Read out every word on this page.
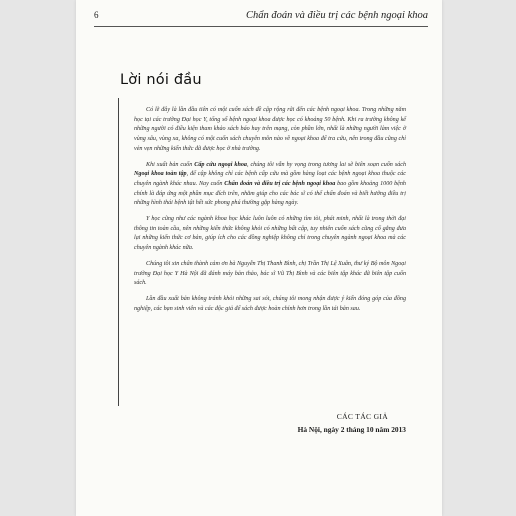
6	Chẩn đoán và điều trị các bệnh ngoại khoa
Lời nói đầu

Có lẽ đây là lần đầu tiên có một cuốn sách đề cập rộng rãi đến các bệnh ngoại khoa. Trong những năm học tại các trường Đại học Y, tổng số bệnh ngoại khoa được học có khoảng 50 bệnh. Khi ra trường không kể những người có điều kiện tham khảo sách báo hay trên mạng, còn phần lớn, nhất là những người làm việc ở vùng sâu, vùng xa, không có một cuốn sách chuyên môn nào về ngoại khoa để tra cứu, nên trong đầu cũng chỉ vẻn vẹn những kiến thức đã được học ở nhà trường.

Khi xuất bản cuốn Cấp cứu ngoại khoa, chúng tôi vẫn hy vọng trong tương lai sẽ biên soạn cuốn sách Ngoại khoa toàn tập, để cập không chỉ các bệnh cấp cứu mà gồm hàng loạt các bệnh ngoại khoa thuộc các chuyên ngành khác nhau. Nay cuốn Chẩn đoán và điều trị các bệnh ngoại khoa bao gồm khoảng 1000 bệnh chính là đáp ứng một phần mục đích trên, nhằm giúp cho các bác sĩ có thể chẩn đoán và biết hướng điều trị những hình thái bệnh tật hết sức phong phú thường gặp hàng ngày.

Y học cũng như các ngành khoa học khác luôn luôn có những tìm tòi, phát minh, nhất là trong thời đại thông tin toàn cầu, nên những kiến thức không khỏi có những bất cập, tuy nhiên cuốn sách cũng cố gắng đưa lại những kiến thức cơ bản, giúp ích cho các đồng nghiệp không chỉ trong chuyên ngành ngoại khoa mà các chuyên ngành khác nữa.

Chúng tôi xin chân thành cảm ơn bà Nguyễn Thị Thanh Bình, chị Trần Thị Lệ Xuân, thư ký Bộ môn Ngoại trường Đại học Y Hà Nội đã đánh máy bản thảo, bác sĩ Vũ Thị Bình và các biên tập khác đã biên tập cuốn sách.

Lần đầu xuất bản không tránh khỏi những sai sót, chúng tôi mong nhận được ý kiến đóng góp của đồng nghiệp, các bạn sinh viên và các độc giả để sách được hoàn chỉnh hơn trong lần tái bản sau.

CÁC TÁC GIẢ
Hà Nội, ngày 2 tháng 10 năm 2013
